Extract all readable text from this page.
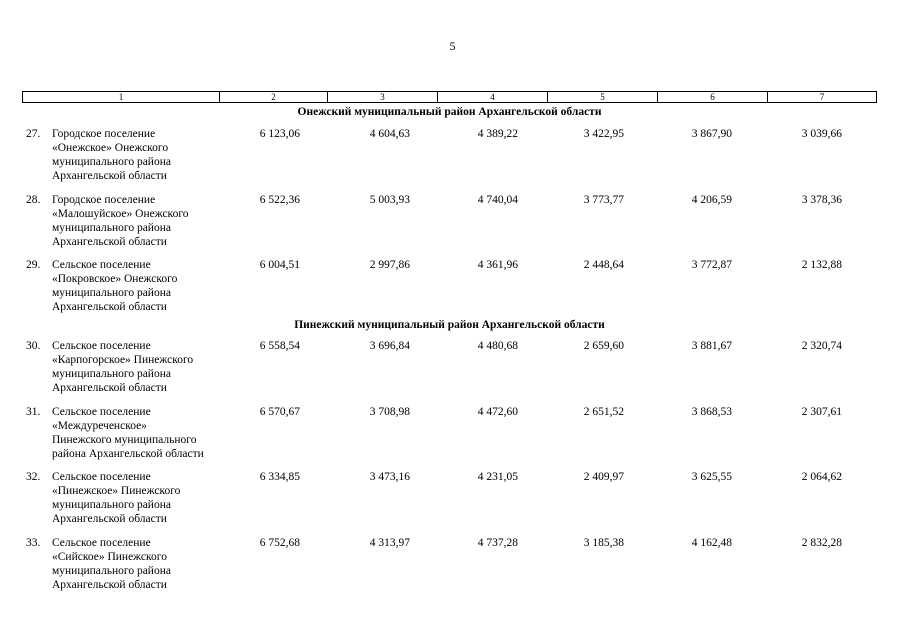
5
1	2	3	4	5	6	7
Онежский муниципальный район Архангельской области
27.	Городское поселение
«Онежское» Онежского
муниципального района
Архангельской области
6 123,06	4 604,63	4 389,22	3 422,95	3 867,90	3 039,66
28.	Городское поселение
«Малошуйское» Онежского
муниципального района
Архангельской области
6 522,36	5 003,93	4 740,04	3 773,77	4 206,59	3 378,36
29.	Сельское поселение
«Покровское» Онежского
муниципального района
Архангельской области
6 004,51	2 997,86	4 361,96	2 448,64	3 772,87	2 132,88
Пинежский муниципальный район Архангельской области
30.	Сельское поселение
«Карпогорское» Пинежского
муниципального района
Архангельской области
6 558,54	3 696,84	4 480,68	2 659,60	3 881,67	2 320,74
31.	Сельское поселение
«Междуреченское»
Пинежского муниципального
района Архангельской области
6 570,67	3 708,98	4 472,60	2 651,52	3 868,53	2 307,61
32.	Сельское поселение
«Пинежское» Пинежского
муниципального района
Архангельской области
6 334,85	3 473,16	4 231,05	2 409,97	3 625,55	2 064,62
33.	Сельское поселение
«Сийское» Пинежского
муниципального района
Архангельской области
6 752,68	4 313,97	4 737,28	3 185,38	4 162,48	2 832,28
